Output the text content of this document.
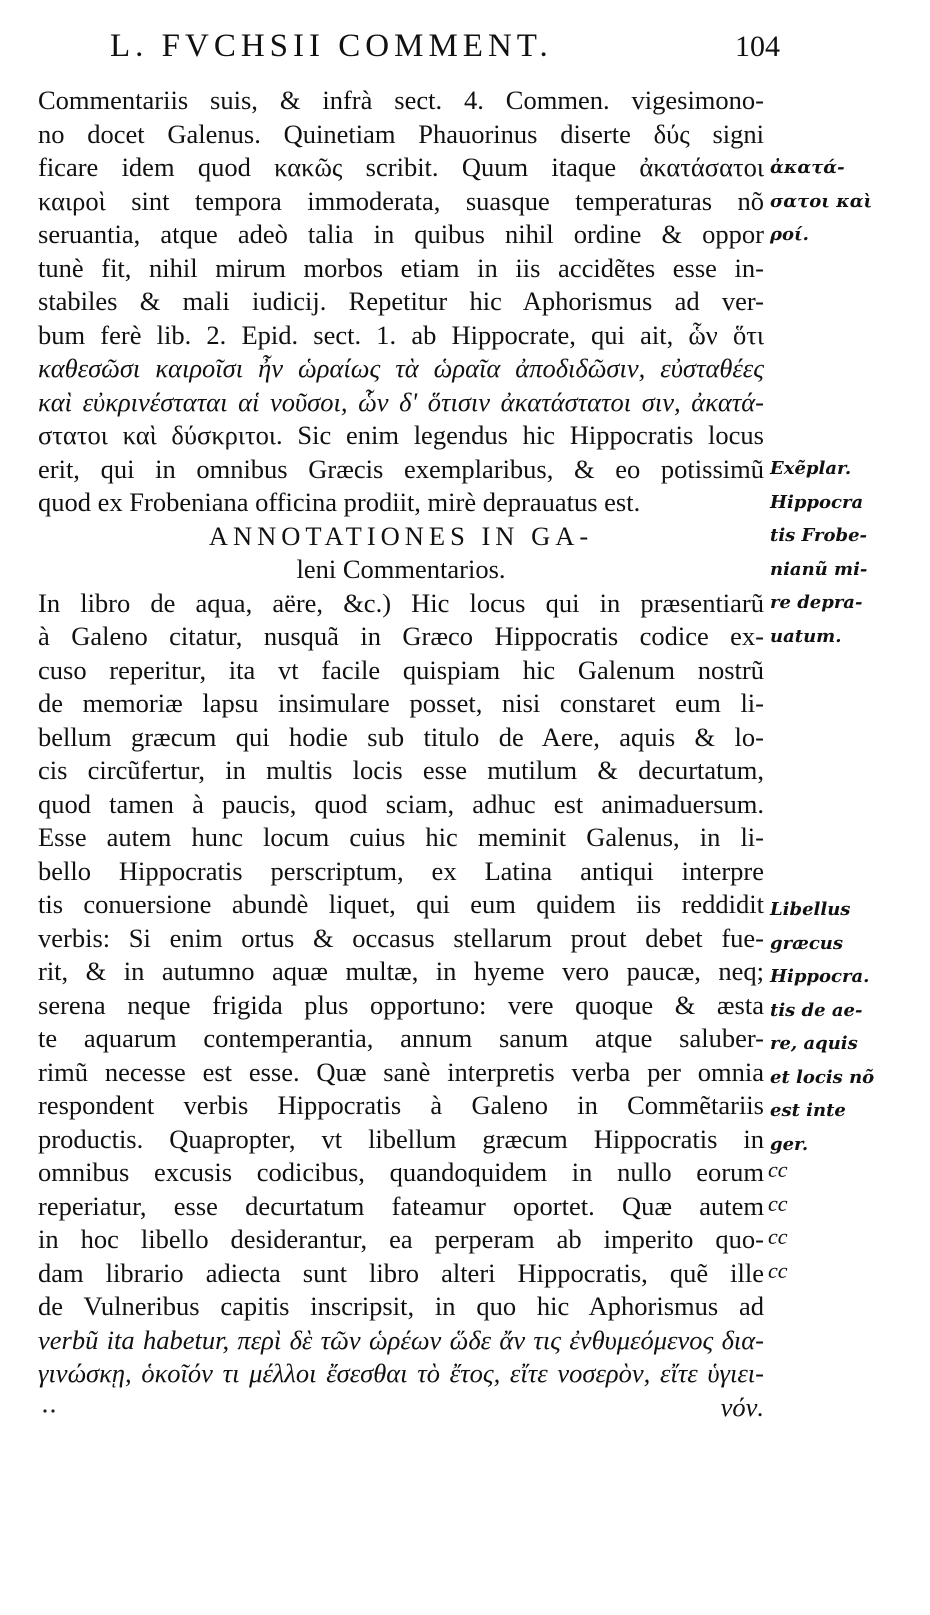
L. FVCHSII COMMENT.	104
Commentariis suis, & infrà sect. 4. Commen. vigesimono-
no docet Galenus. Quinetiam Phauorinus diserte δύς signi
ficare idem quod κακῶς scribit. Quum itaque ἀκατάσατοι
καιροὶ sint tempora immoderata, suasque temperaturas nõ
seruantia, atque adeò talia in quibus nihil ordine & oppor
tunè fit, nihil mirum morbos etiam in iis accidẽtes esse in-
stabiles & mali iudicij. Repetitur hic Aphorismus ad ver-
bum ferè lib. 2. Epid. sect. 1. ab Hippocrate, qui ait, ὧν ὅτι
καθεσῶσι καιροῖσι ἦν ὡραίως τὰ ὡραῖα ἀποδιδῶσιν, εὐσταθέες
καὶ εὐκρινέσταται αἱ νοῦσοι, ὧν δ' ὅτισιν ἀκατάστατοι σιν, ἀκατά-
στατοι καὶ δύσκριτοι. Sic enim legendus hic Hippocratis locus
erit, qui in omnibus Græcis exemplaribus, & eo potissimũ
quod ex Frobeniana officina prodiit, mirè deprauatus est.
ANNOTATIONES IN GA-
leni Commentarios.
In libro de aqua, aëre, &c.) Hic locus qui in præsentiarũ
à Galeno citatur, nusquã in Græco Hippocratis codice ex-
cuso reperitur, ita vt facile quispiam hic Galenum nostrũ
de memoriæ lapsu insimulare posset, nisi constaret eum li-
bellum græcum qui hodie sub titulo de Aere, aquis & lo-
cis circũfertur, in multis locis esse mutilum & decurtatum,
quod tamen à paucis, quod sciam, adhuc est animaduersum.
Esse autem hunc locum cuius hic meminit Galenus, in li-
bello Hippocratis perscriptum, ex Latina antiqui interpre
tis conuersione abundè liquet, qui eum quidem iis reddidit
verbis: Si enim ortus & occasus stellarum prout debet fue-
rit, & in autumno aquæ multæ, in hyeme vero paucæ, neq;
serena neque frigida plus opportuno: vere quoque & æsta
te aquarum contemperantia, annum sanum atque saluber-
rimũ necesse est esse. Quæ sanè interpretis verba per omnia
respondent verbis Hippocratis à Galeno in Commẽtariis
productis. Quapropter, vt libellum græcum Hippocratis in
omnibus excusis codicibus, quandoquidem in nullo eorum
reperiatur, esse decurtatum fateamur oportet. Quæ autem
in hoc libello desiderantur, ea perperam ab imperito quo-
dam librario adiecta sunt libro alteri Hippocratis, quẽ ille
de Vulneribus capitis inscripsit, in quo hic Aphorismus ad
verbũ ita habetur, περὶ δὲ τῶν ὡρέων ὥδε ἄν τις ἐνθυμεόμενος δια-
γινώσκῃ, ὁκοῖόν τι μέλλοι ἔσεσθαι τὸ ἔτος, εἴτε νοσερὸν, εἴτε ὑγιει-
νόν.
ἀκατά-
σατοι καὶ
ροί.
Exẽplar.
Hippocra
tis Frobe-
nianũ mi-
re depra-
uatum.
Libellus
græcus
Hippocra.
tis de ae-
re, aquis
et locis nõ
est inte
ger.
cc
cc
cc
cc
